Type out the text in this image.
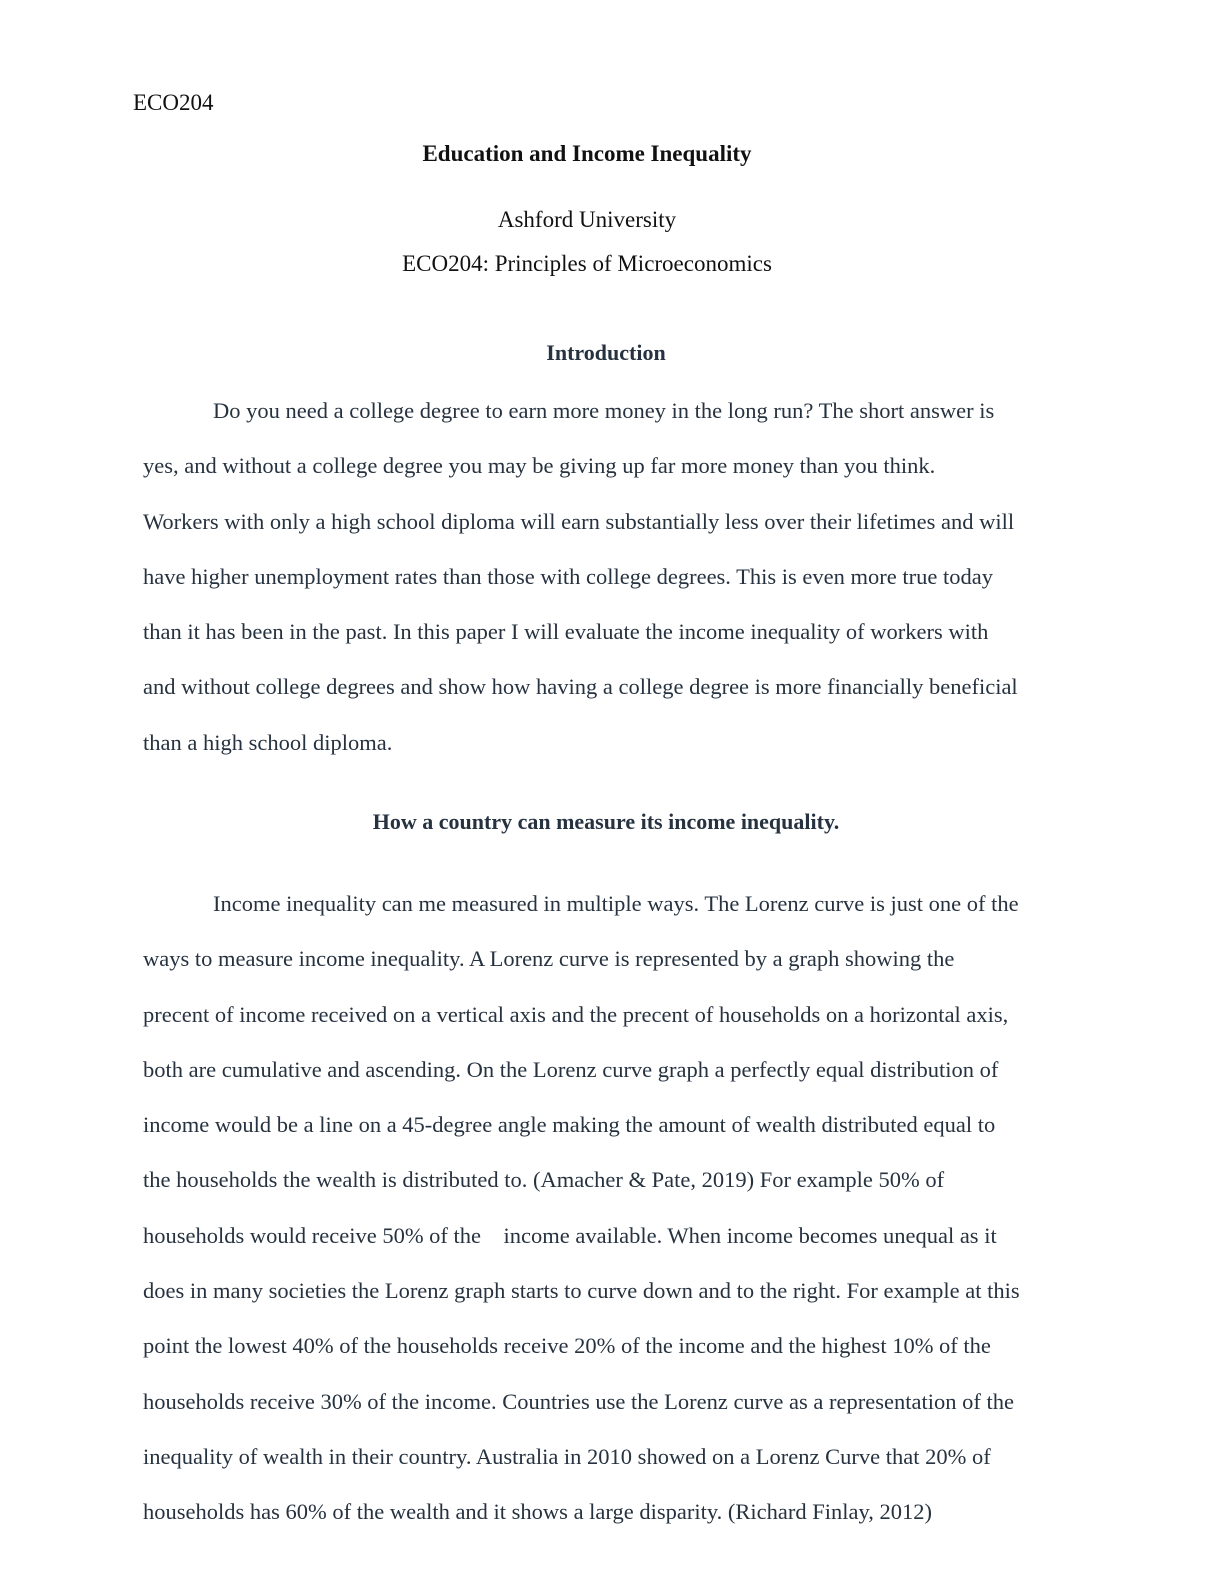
ECO204

Education and Income Inequality

Ashford University

ECO204: Principles of Microeconomics

Introduction
Do you need a college degree to earn more money in the long run? The short answer is
yes, and without a college degree you may be giving up far more money than you think.
Workers with only a high school diploma will earn substantially less over their lifetimes and will
have higher unemployment rates than those with college degrees. This is even more true today
than it has been in the past. In this paper I will evaluate the income inequality of workers with
and without college degrees and show how having a college degree is more financially beneficial
than a high school diploma.
How a country can measure its income inequality.
Income inequality can me measured in multiple ways. The Lorenz curve is just one of the
ways to measure income inequality. A Lorenz curve is represented by a graph showing the
precent of income received on a vertical axis and the precent of households on a horizontal axis,
both are cumulative and ascending. On the Lorenz curve graph a perfectly equal distribution of
income would be a line on a 45-degree angle making the amount of wealth distributed equal to
the households the wealth is distributed to. (Amacher & Pate, 2019) For example 50% of
households would receive 50% of the    income available. When income becomes unequal as it
does in many societies the Lorenz graph starts to curve down and to the right. For example at this
point the lowest 40% of the households receive 20% of the income and the highest 10% of the
households receive 30% of the income. Countries use the Lorenz curve as a representation of the
inequality of wealth in their country. Australia in 2010 showed on a Lorenz Curve that 20% of
households has 60% of the wealth and it shows a large disparity. (Richard Finlay, 2012)
